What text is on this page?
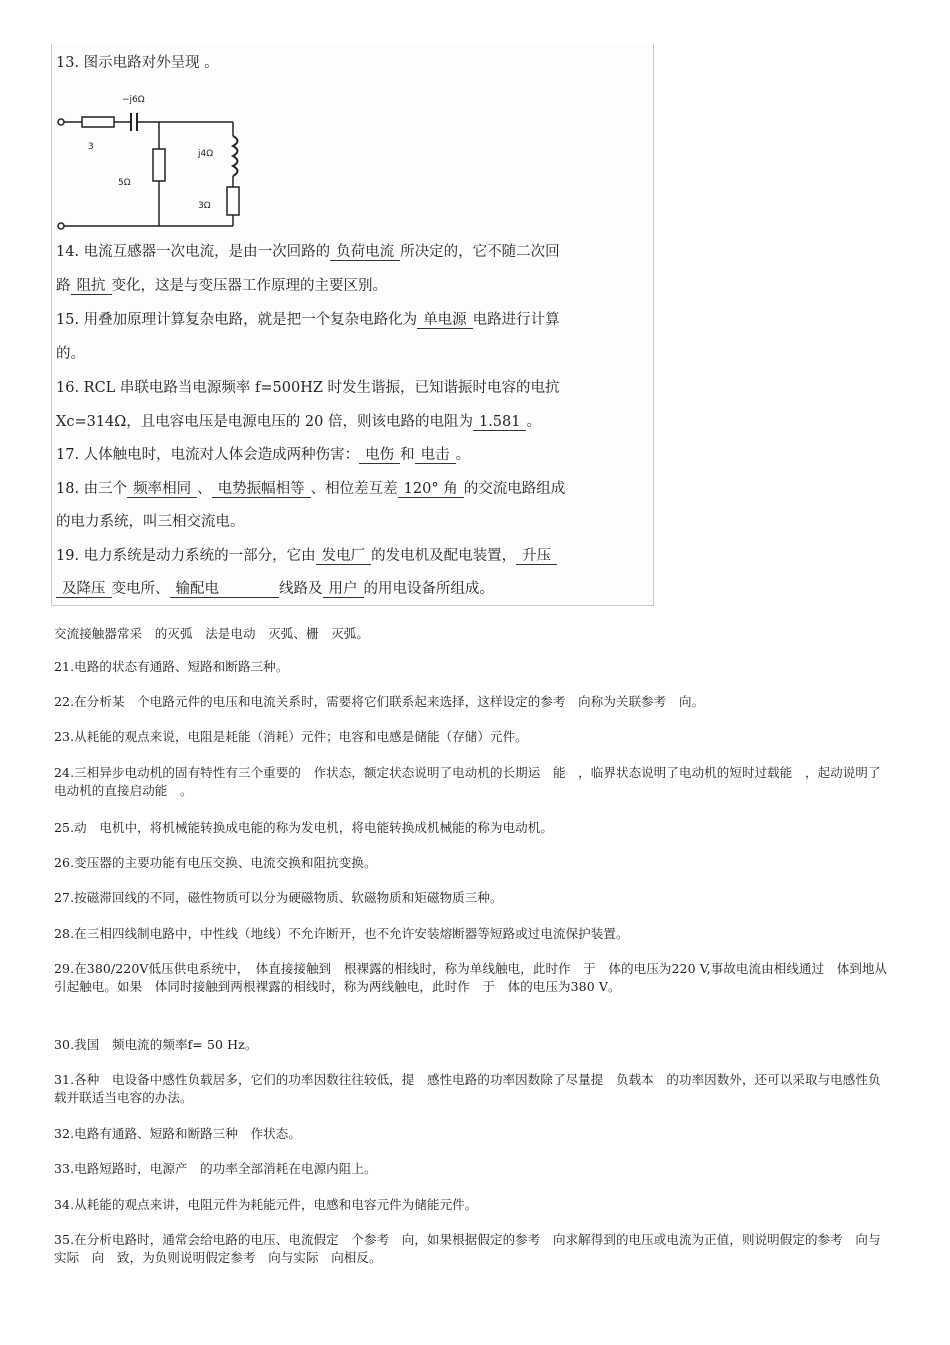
13. 图示电路对外呈现 。
−j6Ω
3
5Ω
j4Ω
3Ω
14. 电流互感器一次电流，是由一次回路的 负荷电流 所决定的，它不随二次回
路 阻抗 变化，这是与变压器工作原理的主要区别。
15. 用叠加原理计算复杂电路，就是把一个复杂电路化为 单电源 电路进行计算
的。
16. RCL 串联电路当电源频率 f=500HZ 时发生谐振，已知谐振时电容的电抗
Xc=314Ω，且电容电压是电源电压的 20 倍，则该电路的电阻为 1.581 。
17. 人体触电时，电流对人体会造成两种伤害： 电伤 和 电击 。
18. 由三个 频率相同 、 电势振幅相等 、相位差互差 120° 角 的交流电路组成
的电力系统，叫三相交流电。
19. 电力系统是动力系统的一部分，它由 发电厂 的发电机及配电装置， 升压
及降压 变电所、 输配电	线路及 用户 的用电设备所组成。
交流接触器常采　的灭弧　法是电动　灭弧、栅　灭弧。
21.电路的状态有通路、短路和断路三种。
22.在分析某　个电路元件的电压和电流关系时，需要将它们联系起来选择，这样设定的参考　向称为关联参考　向。
23.从耗能的观点来说，电阻是耗能（消耗）元件；电容和电感是储能（存储）元件。
24.三相异步电动机的固有特性有三个重要的　作状态，额定状态说明了电动机的长期运　能　，临界状态说明了电动机的短时过载能　，起动说明了电动机的直接启动能　。
25.动　电机中，将机械能转换成电能的称为发电机，将电能转换成机械能的称为电动机。
26.变压器的主要功能有电压交换、电流交换和阻抗变换。
27.按磁滞回线的不同，磁性物质可以分为硬磁物质、软磁物质和矩磁物质三种。
28.在三相四线制电路中，中性线（地线）不允许断开，也不允许安装熔断器等短路或过电流保护装置。
29.在380/220V低压供电系统中，　体直接接触到　根裸露的相线时，称为单线触电，此时作　于　体的电压为220 V,事故电流由相线通过　体到地从　引起触电。如果　体同时接触到两根裸露的相线时，称为两线触电，此时作　于　体的电压为380 V。
30.我国　频电流的频率f= 50 Hz。
31.各种　电设备中感性负载居多，它们的功率因数往往较低，提　感性电路的功率因数除了尽量提　负载本　的功率因数外，还可以采取与电感性负载并联适当电容的办法。
32.电路有通路、短路和断路三种　作状态。
33.电路短路时，电源产　的功率全部消耗在电源内阻上。
34.从耗能的观点来讲，电阻元件为耗能元件，电感和电容元件为储能元件。
35.在分析电路时，通常会给电路的电压、电流假定　个参考　向，如果根据假定的参考　向求解得到的电压或电流为正值，则说明假定的参考　向与实际　向　致，为负则说明假定参考　向与实际　向相反。
